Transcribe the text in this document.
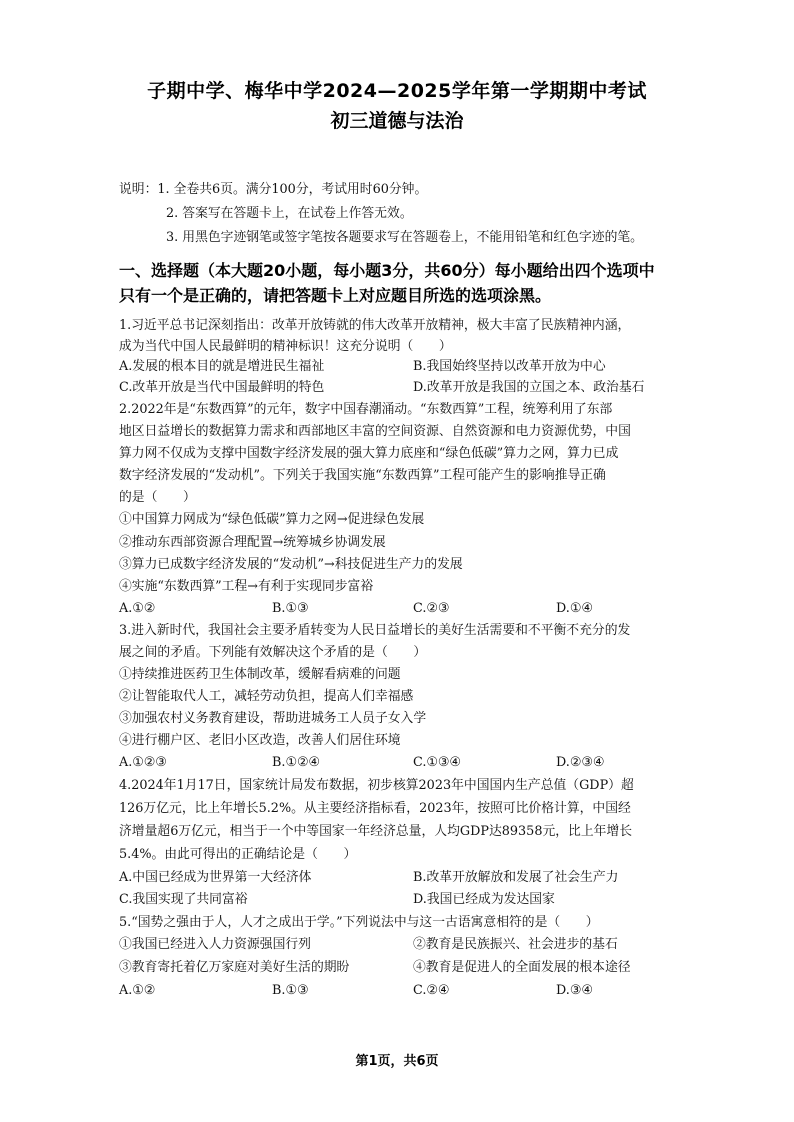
子期中学、梅华中学2024—2025学年第一学期期中考试
初三道德与法治
说明：1. 全卷共6页。满分100分，考试用时60分钟。
2. 答案写在答题卡上，在试卷上作答无效。
3. 用黑色字迹钢笔或签字笔按各题要求写在答题卷上，不能用铅笔和红色字迹的笔。
一、选择题（本大题20小题，每小题3分，共60分）每小题给出四个选项中
只有一个是正确的，请把答题卡上对应题目所选的选项涂黑。
1.习近平总书记深刻指出：改革开放铸就的伟大改革开放精神，极大丰富了民族精神内涵，
成为当代中国人民最鲜明的精神标识！这充分说明（　　）
A.发展的根本目的就是增进民生福祉	B.我国始终坚持以改革开放为中心
C.改革开放是当代中国最鲜明的特色	D.改革开放是我国的立国之本、政治基石
2.2022年是“东数西算”的元年，数字中国春潮涌动。“东数西算”工程，统筹利用了东部
地区日益增长的数据算力需求和西部地区丰富的空间资源、自然资源和电力资源优势，中国
算力网不仅成为支撑中国数字经济发展的强大算力底座和“绿色低碳”算力之网，算力已成
数字经济发展的“发动机”。下列关于我国实施“东数西算”工程可能产生的影响推导正确
的是（　　）
①中国算力网成为“绿色低碳”算力之网→促进绿色发展
②推动东西部资源合理配置→统筹城乡协调发展
③算力已成数字经济发展的“发动机”→科技促进生产力的发展
④实施“东数西算”工程→有利于实现同步富裕
A.①②	B.①③	C.②③	D.①④
3.进入新时代，我国社会主要矛盾转变为人民日益增长的美好生活需要和不平衡不充分的发
展之间的矛盾。下列能有效解决这个矛盾的是（　　）
①持续推进医药卫生体制改革，缓解看病难的问题
②让智能取代人工，减轻劳动负担，提高人们幸福感
③加强农村义务教育建设，帮助进城务工人员子女入学
④进行棚户区、老旧小区改造，改善人们居住环境
A.①②③	B.①②④	C.①③④	D.②③④
4.2024年1月17日，国家统计局发布数据，初步核算2023年中国国内生产总值（GDP）超
126万亿元，比上年增长5.2%。从主要经济指标看，2023年，按照可比价格计算，中国经
济增量超6万亿元，相当于一个中等国家一年经济总量，人均GDP达89358元，比上年增长
5.4%。由此可得出的正确结论是（　　）
A.中国已经成为世界第一大经济体	B.改革开放解放和发展了社会生产力
C.我国实现了共同富裕	D.我国已经成为发达国家
5.“国势之强由于人，人才之成出于学。”下列说法中与这一古语寓意相符的是（　　）
①我国已经进入人力资源强国行列	②教育是民族振兴、社会进步的基石
③教育寄托着亿万家庭对美好生活的期盼	④教育是促进人的全面发展的根本途径
A.①②	B.①③	C.②④	D.③④
第1页，共6页
